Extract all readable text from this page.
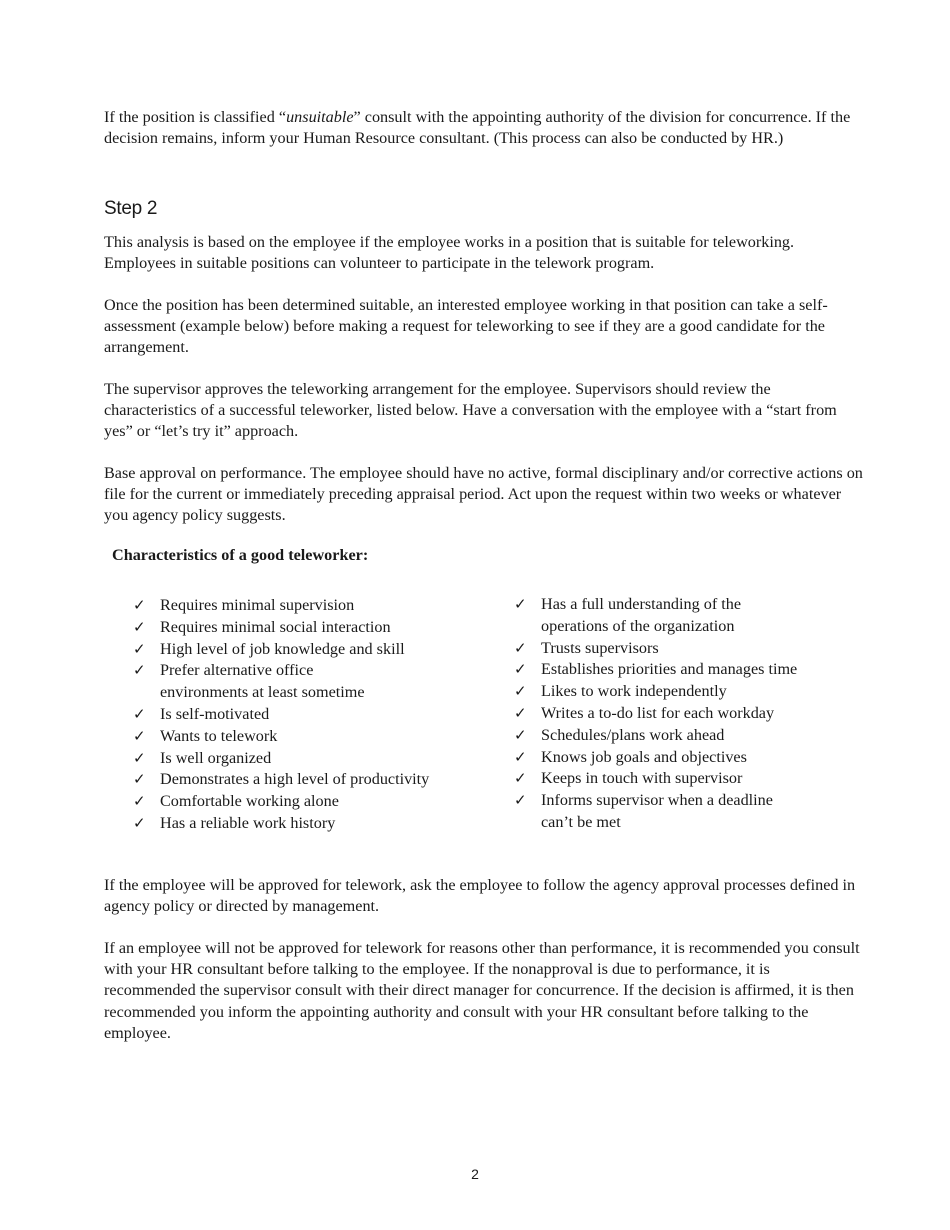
If the position is classified “unsuitable” consult with the appointing authority of the division for concurrence. If the decision remains, inform your Human Resource consultant. (This process can also be conducted by HR.)

Step 2

This analysis is based on the employee if the employee works in a position that is suitable for teleworking. Employees in suitable positions can volunteer to participate in the telework program.

Once the position has been determined suitable, an interested employee working in that position can take a self-assessment (example below) before making a request for teleworking to see if they are a good candidate for the arrangement.

The supervisor approves the teleworking arrangement for the employee. Supervisors should review the characteristics of a successful teleworker, listed below. Have a conversation with the employee with a “start from yes” or “let’s try it” approach.

Base approval on performance. The employee should have no active, formal disciplinary and/or corrective actions on file for the current or immediately preceding appraisal period. Act upon the request within two weeks or whatever you agency policy suggests.

Characteristics of a good teleworker:
✓ Requires minimal supervision
✓ Requires minimal social interaction
✓ High level of job knowledge and skill
✓ Prefer alternative office environments at least sometime
✓ Is self-motivated
✓ Wants to telework
✓ Is well organized
✓ Demonstrates a high level of productivity
✓ Comfortable working alone
✓ Has a reliable work history
✓ Has a full understanding of the operations of the organization
✓ Trusts supervisors
✓ Establishes priorities and manages time
✓ Likes to work independently
✓ Writes a to-do list for each workday
✓ Schedules/plans work ahead
✓ Knows job goals and objectives
✓ Keeps in touch with supervisor
✓ Informs supervisor when a deadline can’t be met

If the employee will be approved for telework, ask the employee to follow the agency approval processes defined in agency policy or directed by management.

If an employee will not be approved for telework for reasons other than performance, it is recommended you consult with your HR consultant before talking to the employee. If the nonapproval is due to performance, it is recommended the supervisor consult with their direct manager for concurrence. If the decision is affirmed, it is then recommended you inform the appointing authority and consult with your HR consultant before talking to the employee.

2
